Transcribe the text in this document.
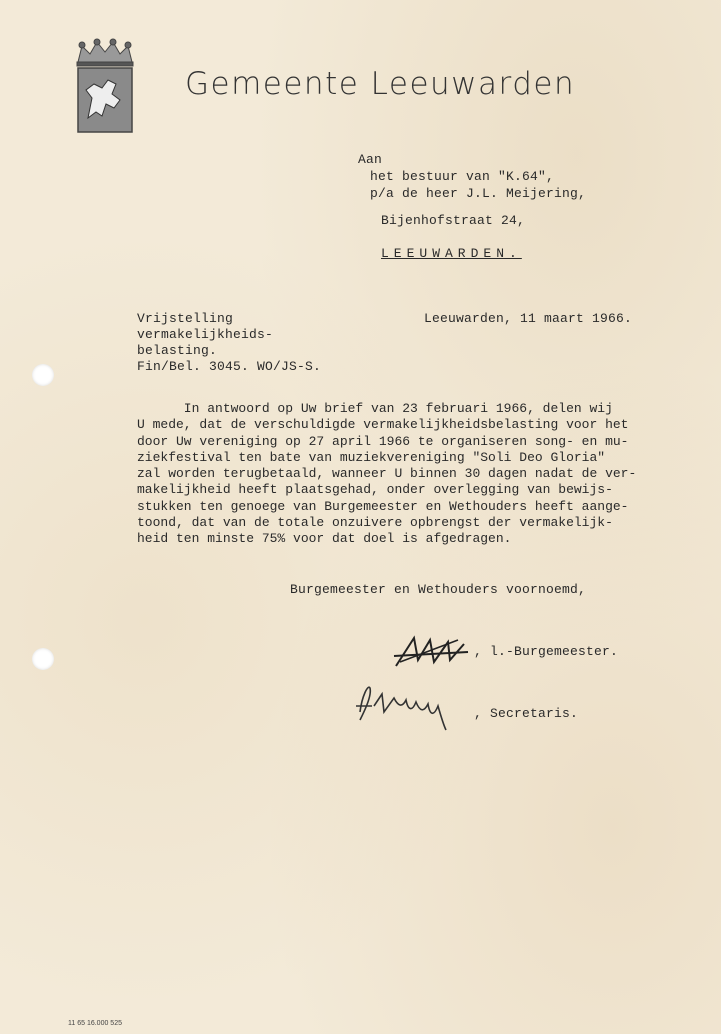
Gemeente Leeuwarden
Aan
het bestuur van "K.64",
p/a de heer J.L. Meijering,
Bijenhofstraat 24,
LEEUWARDEN.
Vrijstelling
vermakelijkheids-
belasting.
Fin/Bel. 3045. WO/JS-S.
Leeuwarden, 11 maart 1966.
In antwoord op Uw brief van 23 februari 1966, delen wij
U mede, dat de verschuldigde vermakelijkheidsbelasting voor het
door Uw vereniging op 27 april 1966 te organiseren song- en mu-
ziekfestival ten bate van muziekvereniging "Soli Deo Gloria"
zal worden terugbetaald, wanneer U binnen 30 dagen nadat de ver-
makelijkheid heeft plaatsgehad, onder overlegging van bewijs-
stukken ten genoege van Burgemeester en Wethouders heeft aange-
toond, dat van de totale onzuivere opbrengst der vermakelijk-
heid ten minste 75% voor dat doel is afgedragen.
Burgemeester en Wethouders voornoemd,
, l.-Burgemeester.
, Secretaris.
11 65 16.000 525
